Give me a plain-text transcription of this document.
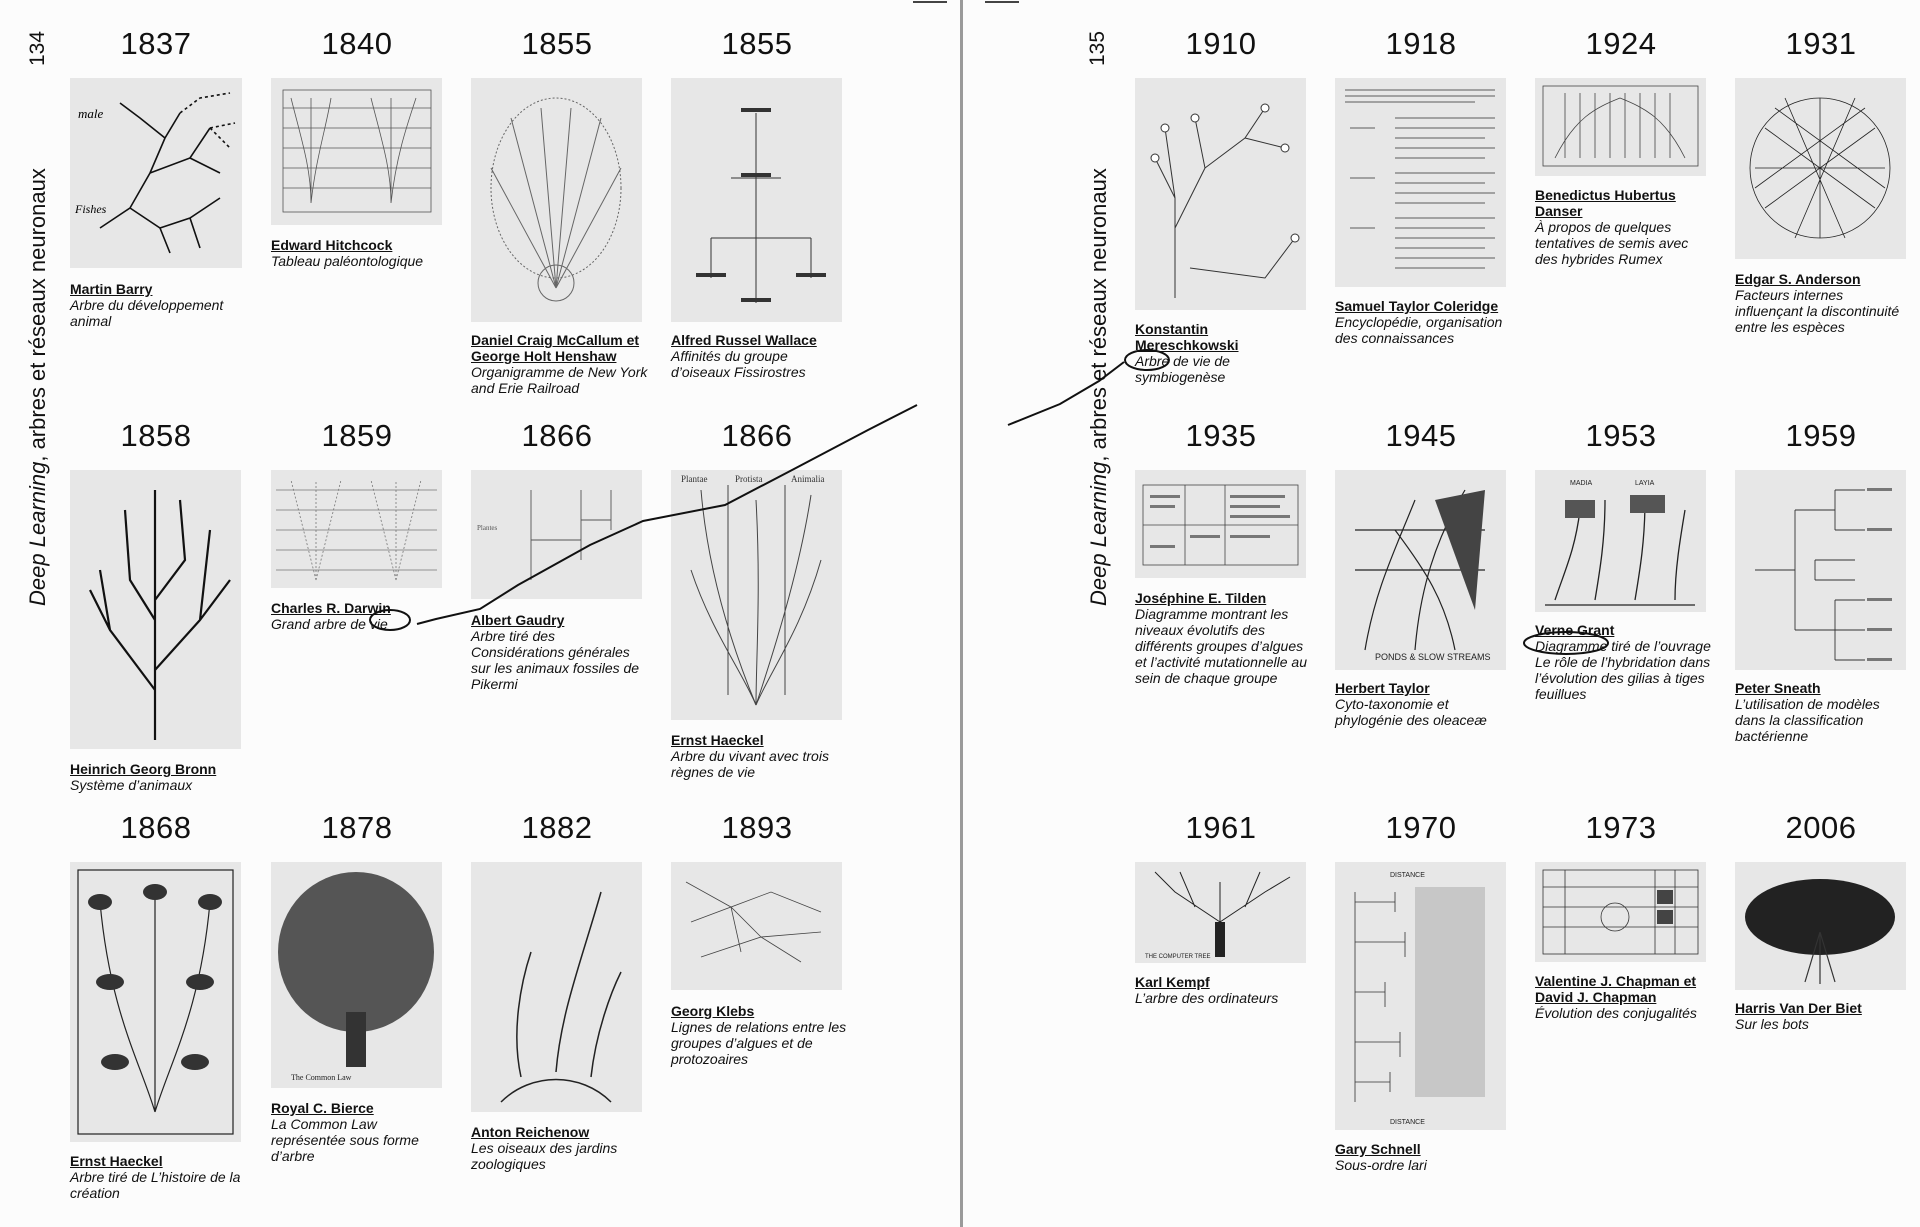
134
Deep Learning, arbres et réseaux neuronaux
135
Deep Learning, arbres et réseaux neuronaux
1837
male
Fishes
Martin Barry
Arbre du développement animal
1840
Edward Hitchcock
Tableau paléontologique
1855
Daniel Craig McCallum et George Holt Henshaw
Organigramme de New York and Erie Railroad
1855
Alfred Russel Wallace
Affinités du groupe d’oiseaux Fissirostres
1858
Heinrich Georg Bronn
Système d’animaux
1859
Charles R. Darwin
Grand arbre de vie
1866
Plantes
Albert Gaudry
Arbre tiré des Considérations générales sur les animaux fossiles de Pikermi
1866
Plantae	Protista	Animalia
Ernst Haeckel
Arbre du vivant avec trois règnes de vie
1868
Ernst Haeckel
Arbre tiré de L’histoire de la création
1878
The Common Law
Royal C. Bierce
La Common Law représentée sous forme d’arbre
1882
Anton Reichenow
Les oiseaux des jardins zoologiques
1893
Georg Klebs
Lignes de relations entre les groupes d’algues et de protozoaires
1910
Konstantin Mereschkowski
Arbre de vie de symbiogenèse
1918
Samuel Taylor Coleridge
Encyclopédie, organisation des connaissances
1924
Benedictus Hubertus Danser
À propos de quelques tentatives de semis avec des hybrides Rumex
1931
Edgar S. Anderson
Facteurs internes influençant la discontinuité entre les espèces
1935
Joséphine E. Tilden
Diagramme montrant les niveaux évolutifs des différents groupes d’algues et l’activité mutationnelle au sein de chaque groupe
1945
PONDS & SLOW STREAMS
Herbert Taylor
Cyto-taxonomie et phylogénie des oleaceæ
1953
MADIA	LAYIA
Verne Grant
Diagramme tiré de l’ouvrage Le rôle de l’hybridation dans l’évolution des gilias à tiges feuillues
1959
Peter Sneath
L’utilisation de modèles dans la classification bactérienne
1961
THE COMPUTER TREE
Karl Kempf
L’arbre des ordinateurs
1970
DISTANCE
DISTANCE
Gary Schnell
Sous-ordre lari
1973
Valentine J. Chapman et David J. Chapman
Évolution des conjugalités
2006
Harris Van Der Biet
Sur les bots
